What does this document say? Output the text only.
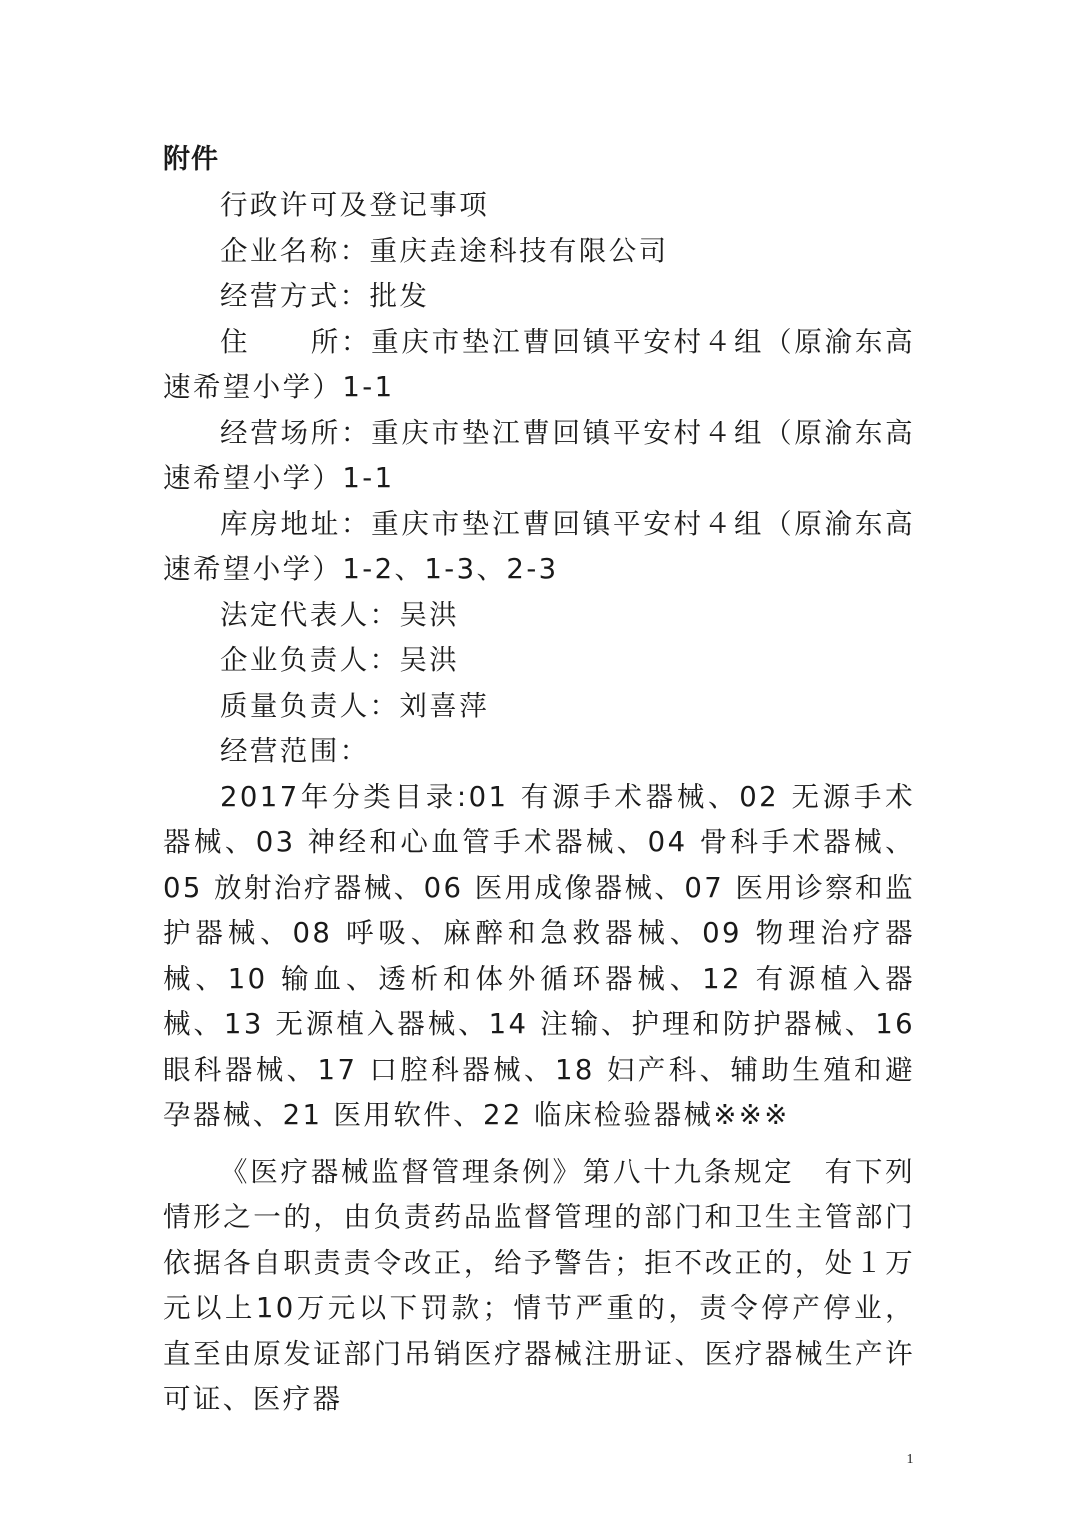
附件

行政许可及登记事项

企业名称：重庆垚途科技有限公司

经营方式：批发

住　　所：重庆市垫江曹回镇平安村４组（原渝东高速希望小学）1-1

经营场所：重庆市垫江曹回镇平安村４组（原渝东高速希望小学）1-1

库房地址：重庆市垫江曹回镇平安村４组（原渝东高速希望小学）1-2、1-3、2-3

法定代表人：吴洪

企业负责人：吴洪

质量负责人：刘喜萍

经营范围：

2017年分类目录:01 有源手术器械、02 无源手术器械、03 神经和心血管手术器械、04 骨科手术器械、05 放射治疗器械、06 医用成像器械、07 医用诊察和监护器械、08 呼吸、麻醉和急救器械、09 物理治疗器械、10 输血、透析和体外循环器械、12 有源植入器械、13 无源植入器械、14 注输、护理和防护器械、16 眼科器械、17 口腔科器械、18 妇产科、辅助生殖和避孕器械、21 医用软件、22 临床检验器械※※※

《医疗器械监督管理条例》第八十九条规定　有下列情形之一的，由负责药品监督管理的部门和卫生主管部门依据各自职责责令改正，给予警告；拒不改正的，处１万元以上10万元以下罚款；情节严重的，责令停产停业，直至由原发证部门吊销医疗器械注册证、医疗器械生产许可证、医疗器

1
